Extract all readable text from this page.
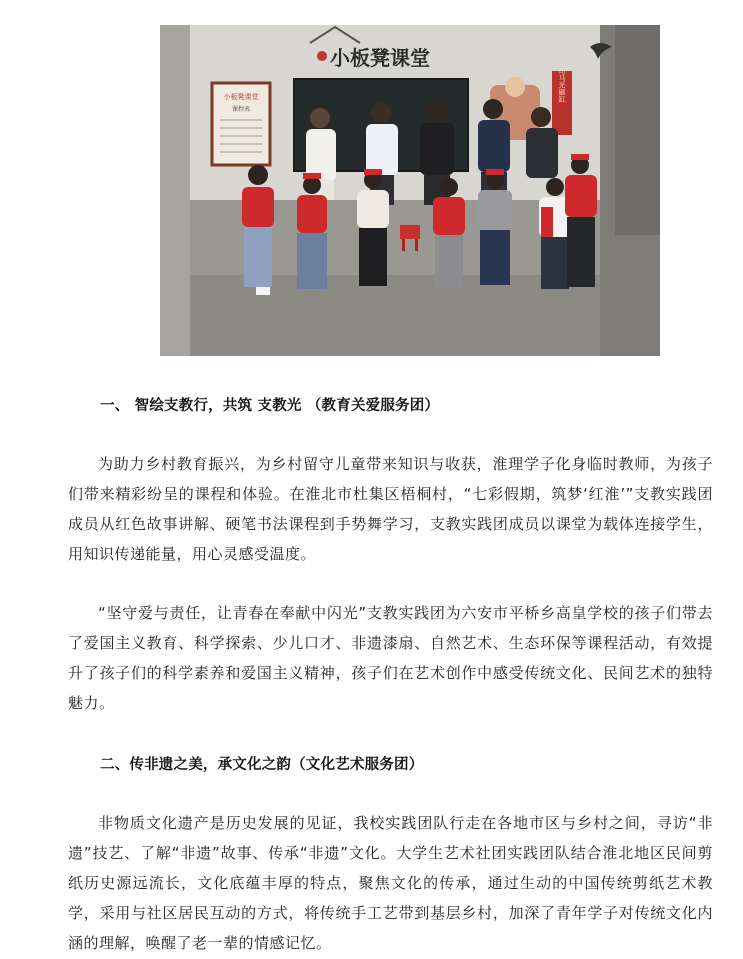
小板凳课堂
小板凳课堂
课程表
司马光砸缸
一、 智绘支教行，共筑 支教光 （教育关爱服务团）

为助力乡村教育振兴，为乡村留守儿童带来知识与收获，淮理学子化身临时教师，为孩子们带来精彩纷呈的课程和体验。在淮北市杜集区梧桐村，“七彩假期，筑梦‘红淮’”支教实践团成员从红色故事讲解、硬笔书法课程到手势舞学习，支教实践团成员以课堂为载体连接学生，用知识传递能量，用心灵感受温度。

“坚守爱与责任，让青春在奉献中闪光”支教实践团为六安市平桥乡高皇学校的孩子们带去了爱国主义教育、科学探索、少儿口才、非遗漆扇、自然艺术、生态环保等课程活动，有效提升了孩子们的科学素养和爱国主义精神，孩子们在艺术创作中感受传统文化、民间艺术的独特魅力。

二、传非遗之美，承文化之韵（文化艺术服务团）

非物质文化遗产是历史发展的见证，我校实践团队行走在各地市区与乡村之间，寻访“非遗”技艺、了解“非遗”故事、传承“非遗”文化。大学生艺术社团实践团队结合淮北地区民间剪纸历史源远流长，文化底蕴丰厚的特点，聚焦文化的传承，通过生动的中国传统剪纸艺术教学，采用与社区居民互动的方式，将传统手工艺带到基层乡村，加深了青年学子对传统文化内涵的理解，唤醒了老一辈的情感记忆。
